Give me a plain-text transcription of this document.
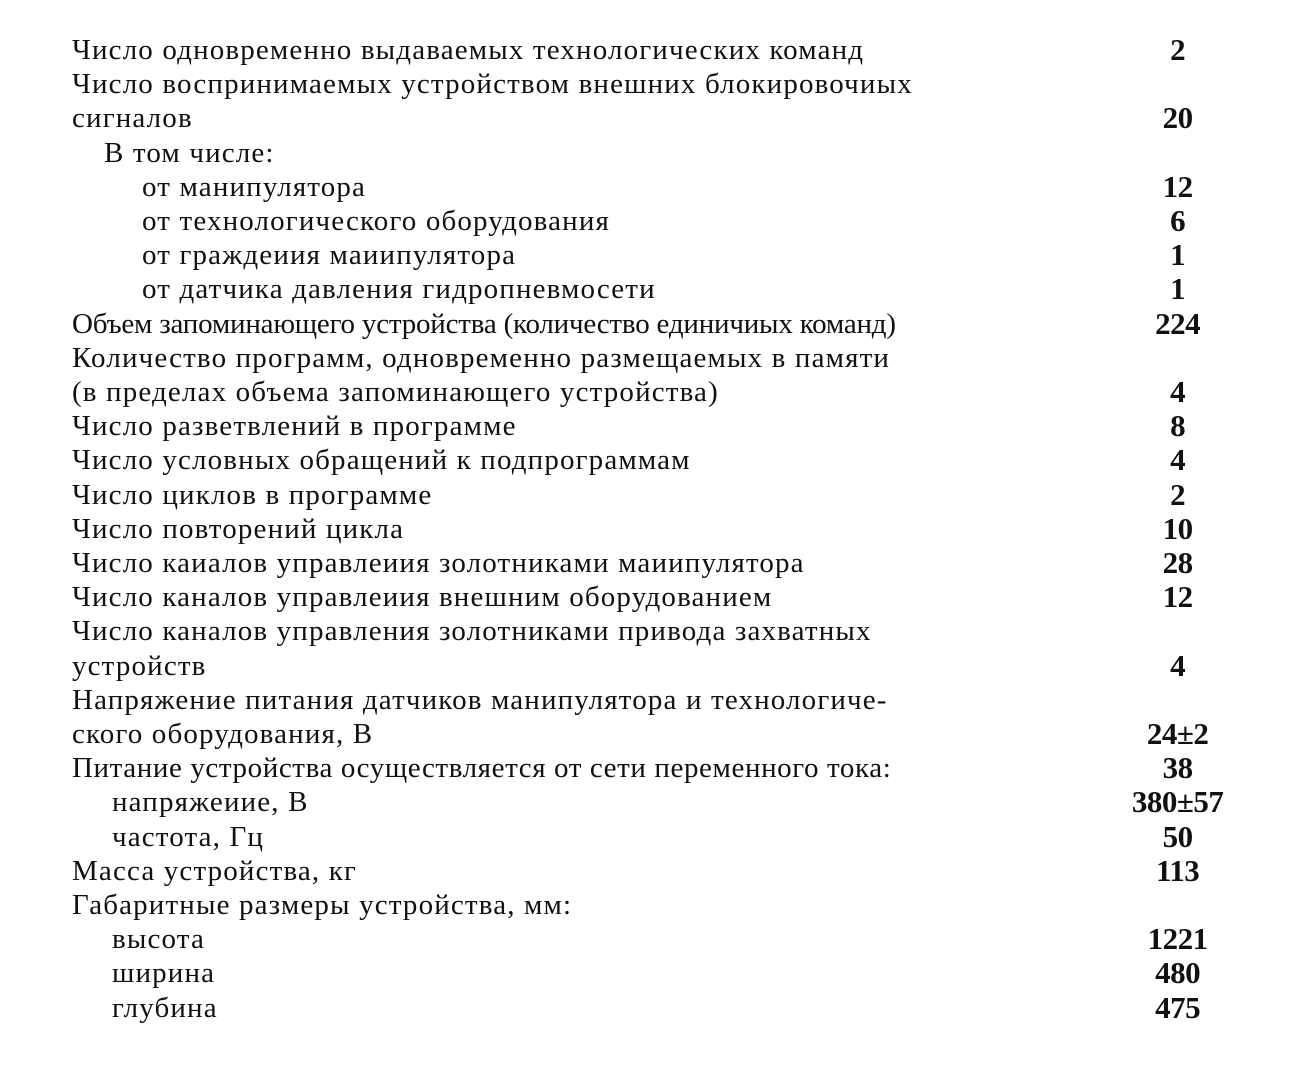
Число одновременно выдаваемых технологических команд	2
Число воспринимаемых устройством внешних блокировочиых
сигналов	20
В том числе:
от манипулятора	12
от технологического оборудования	6
от граждеиия маиипулятора	1
от датчика давления гидропневмосети	1
Объем запоминающего устройства (количество единичиых команд)	224
Количество программ, одновременно размещаемых в памяти
(в пределах объема запоминающего устройства)	4
Число разветвлений в программе	8
Число условных обращений к подпрограммам	4
Число циклов в программе	2
Число повторений цикла	10
Число каиалов управлеиия золотниками маиипулятора	28
Число каналов управлеиия внешним оборудованием	12
Число каналов управления золотниками привода захватных
устройств	4
Напряжение питания датчиков манипулятора и технологиче-
ского оборудования, В	24±2
Питание устройства осуществляется от сети переменного тока:	38
напряжеиие, В	380±57
частота, Гц	50
Масса устройства, кг	113
Габаритные размеры устройства, мм:
высота	1221
ширина	480
глубина	475
